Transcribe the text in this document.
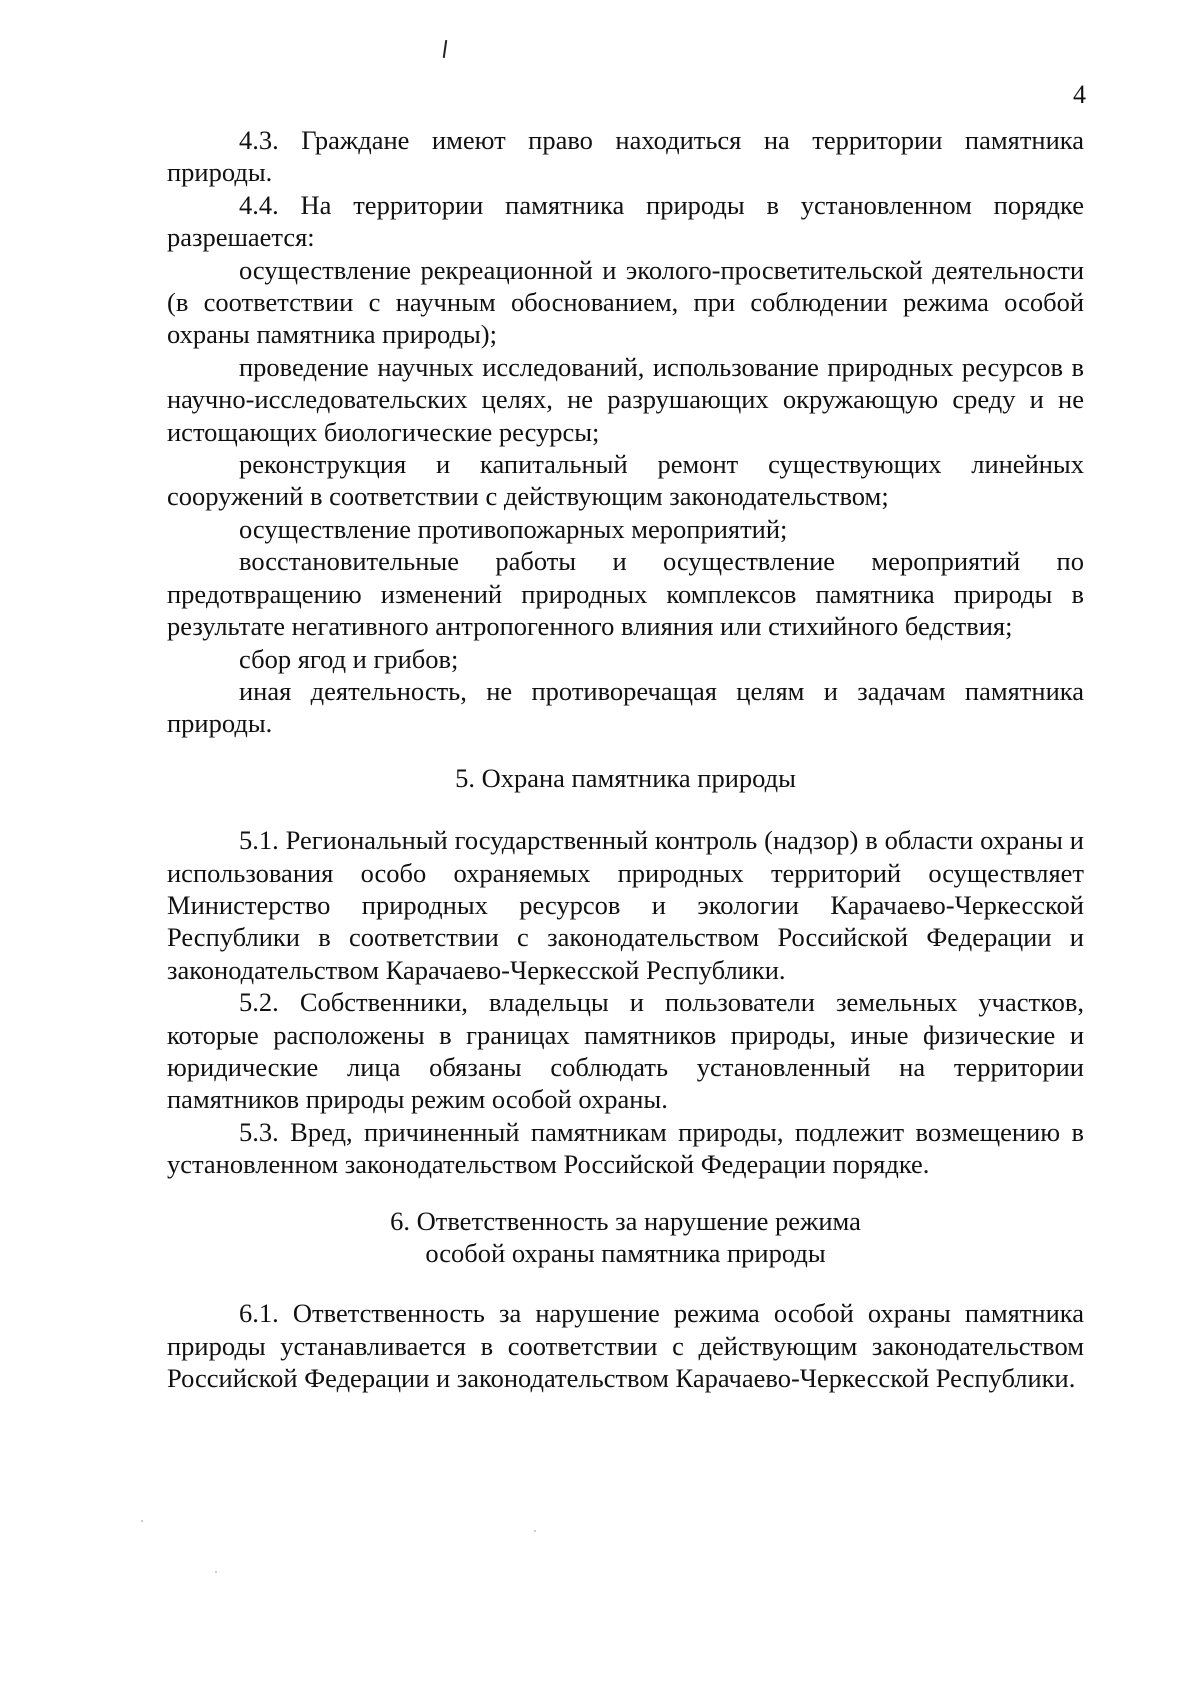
4

4.3. Граждане имеют право находиться на территории памятника природы.

4.4. На территории памятника природы в установленном порядке разрешается:

осуществление рекреационной и эколого-просветительской деятельности (в соответствии с научным обоснованием, при соблюдении режима особой охраны памятника природы);

проведение научных исследований, использование природных ресурсов в научно-исследовательских целях, не разрушающих окружающую среду и не истощающих биологические ресурсы;

реконструкция и капитальный ремонт существующих линейных сооружений в соответствии с действующим законодательством;

осуществление противопожарных мероприятий;

восстановительные работы и осуществление мероприятий по предотвращению изменений природных комплексов памятника природы в результате негативного антропогенного влияния или стихийного бедствия;

сбор ягод и грибов;

иная деятельность, не противоречащая целям и задачам памятника природы.

5. Охрана памятника природы

5.1. Региональный государственный контроль (надзор) в области охраны и использования особо охраняемых природных территорий осуществляет Министерство природных ресурсов и экологии Карачаево-Черкесской Республики в соответствии с законодательством Российской Федерации и законодательством Карачаево-Черкесской Республики.

5.2. Собственники, владельцы и пользователи земельных участков, которые расположены в границах памятников природы, иные физические и юридические лица обязаны соблюдать установленный на территории памятников природы режим особой охраны.

5.3. Вред, причиненный памятникам природы, подлежит возмещению в установленном законодательством Российской Федерации порядке.

6. Ответственность за нарушение режима
особой охраны памятника природы

6.1. Ответственность за нарушение режима особой охраны памятника природы устанавливается в соответствии с действующим законодательством Российской Федерации и законодательством Карачаево-Черкесской Республики.
